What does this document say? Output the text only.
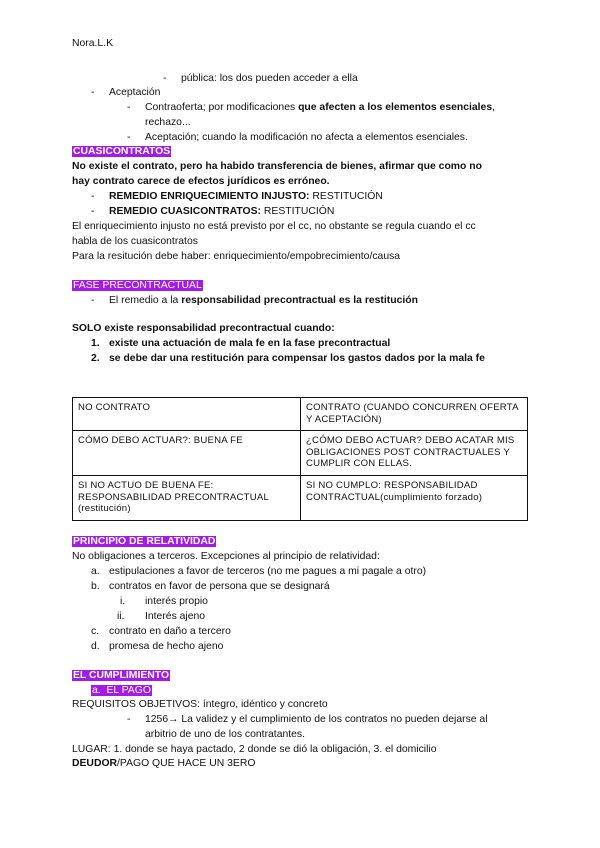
Nora.L.K
- pública: los dos pueden acceder a ella
- Aceptación
- Contraoferta; por modificaciones que afecten a los elementos esenciales,
rechazo...
- Aceptación; cuando la modificación no afecta a elementos esenciales.
CUASICONTRATOS
No existe el contrato, pero ha habido transferencia de bienes, afirmar que como no
hay contrato carece de efectos jurídicos es erróneo.
- REMEDIO ENRIQUECIMIENTO INJUSTO: RESTITUCIÓN
- REMEDIO CUASICONTRATOS: RESTITUCIÓN
El enriquecimiento injusto no está previsto por el cc, no obstante se regula cuando el cc
habla de los cuasicontratos
Para la resitución debe haber: enriquecimiento/empobrecimiento/causa
FASE PRECONTRACTUAL
- El remedio a la responsabilidad precontractual es la restitución
SOLO existe responsabilidad precontractual cuando:
1. existe una actuación de mala fe en la fase precontractual
2. se debe dar una restitución para compensar los gastos dados por la mala fe
NO CONTRATO	CONTRATO (CUANDO CONCURREN OFERTA Y ACEPTACIÓN)
CÓMO DEBO ACTUAR?: BUENA FE	¿CÓMO DEBO ACTUAR? DEBO ACATAR MIS OBLIGACIONES POST CONTRACTUALES Y CUMPLIR CON ELLAS.
SI NO ACTUO DE BUENA FE: RESPONSABILIDAD PRECONTRACTUAL (restitución)	SI NO CUMPLO: RESPONSABILIDAD CONTRACTUAL(cumplimiento forzado)
PRINCIPIO DE RELATIVIDAD
No obligaciones a terceros. Excepciones al principio de relatividad:
a. estipulaciones a favor de terceros (no me pagues a mi pagale a otro)
b. contratos en favor de persona que se designará
i. interés propio
ii. Interés ajeno
c. contrato en daño a tercero
d. promesa de hecho ajeno
EL CUMPLIMIENTO
a.  EL PAGO
REQUISITOS OBJETIVOS: íntegro, idéntico y concreto
- 1256→ La validez y el cumplimiento de los contratos no pueden dejarse al
arbitrio de uno de los contratantes.
LUGAR: 1. donde se haya pactado, 2 donde se dió la obligación, 3. el domicilio
DEUDOR/PAGO QUE HACE UN 3ERO
